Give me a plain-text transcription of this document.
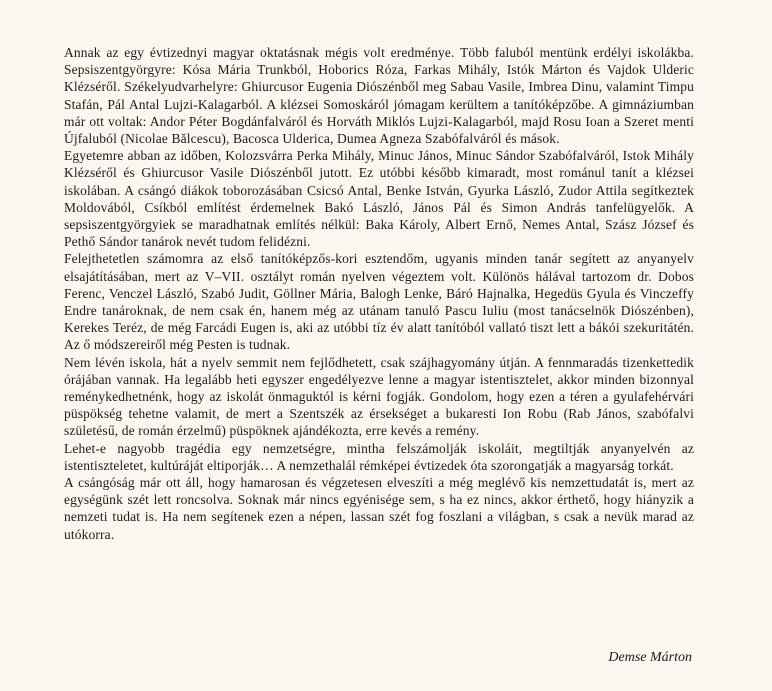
Annak az egy évtizednyi magyar oktatásnak mégis volt eredménye. Több faluból mentünk erdélyi iskolákba. Sepsiszentgyörgyre: Kósa Mária Trunkból, Hoborics Róza, Farkas Mihály, Istók Márton és Vajdok Ulderic Klézséről. Székelyudvarhelyre: Ghiurcusor Eugenia Diószénből meg Sabau Vasile, Imbrea Dinu, valamint Timpu Stafán, Pál Antal Lujzi-Kalagarból. A klézsei Somoskáról jómagam kerültem a tanítóképzőbe. A gimnáziumban már ott voltak: Andor Péter Bogdánfalváról és Horváth Miklós Lujzi-Kalagarból, majd Rosu Ioan a Szeret menti Újfaluból (Nicolae Bălcescu), Bacosca Ulderica, Dumea Agneza Szabófalváról és mások.

Egyetemre abban az időben, Kolozsvárra Perka Mihály, Minuc János, Minuc Sándor Szabófalváról, Istok Mihály Klézséről és Ghiurcusor Vasile Diószénből jutott. Ez utóbbi később kimaradt, most románul tanít a klézsei iskolában. A csángó diákok toborozásában Csicsó Antal, Benke István, Gyurka László, Zudor Attila segítkeztek Moldovából, Csíkból említést érdemelnek Bakó László, János Pál és Simon András tanfelügyelők. A sepsiszentgyörgyiek se maradhatnak említés nélkül: Baka Károly, Albert Ernő, Nemes Antal, Szász József és Pethő Sándor tanárok nevét tudom felidézni.

Felejthetetlen számomra az első tanítóképzős-kori esztendőm, ugyanis minden tanár segített az anyanyelv elsajátításában, mert az V–VII. osztályt román nyelven végeztem volt. Különös hálával tartozom dr. Dobos Ferenc, Venczel László, Szabó Judit, Göllner Mária, Balogh Lenke, Báró Hajnalka, Hegedüs Gyula és Vinczeffy Endre tanároknak, de nem csak én, hanem még az utánam tanuló Pascu Iuliu (most tanácselnök Diószénben), Kerekes Teréz, de még Farcádi Eugen is, aki az utóbbi tíz év alatt tanítóból vallató tiszt lett a bákói szekuritátén. Az ő módszereiről még Pesten is tudnak.

Nem lévén iskola, hát a nyelv semmit nem fejlődhetett, csak szájhagyomány útján. A fennmaradás tizenkettedik órájában vannak. Ha legalább heti egyszer engedélyezve lenne a magyar istentisztelet, akkor minden bizonnyal reménykedhetnénk, hogy az iskolát önmaguktól is kérni fogják. Gondolom, hogy ezen a téren a gyulafehérvári püspökség tehetne valamit, de mert a Szentszék az érsekséget a bukaresti Ion Robu (Rab János, szabófalvi születésű, de román érzelmű) püspöknek ajándékozta, erre kevés a remény.

Lehet-e nagyobb tragédia egy nemzetségre, mintha felszámolják iskoláit, megtiltják anyanyelvén az istentiszteletet, kultúráját eltiporják… A nemzethalál rémképei évtizedek óta szorongatják a magyarság torkát.

A csángóság már ott áll, hogy hamarosan és végzetesen elveszíti a még meglévő kis nemzettudatát is, mert az egységünk szét lett roncsolva. Soknak már nincs egyénisége sem, s ha ez nincs, akkor érthető, hogy hiányzik a nemzeti tudat is. Ha nem segítenek ezen a népen, lassan szét fog foszlani a világban, s csak a nevük marad az utókorra.

Demse Márton
